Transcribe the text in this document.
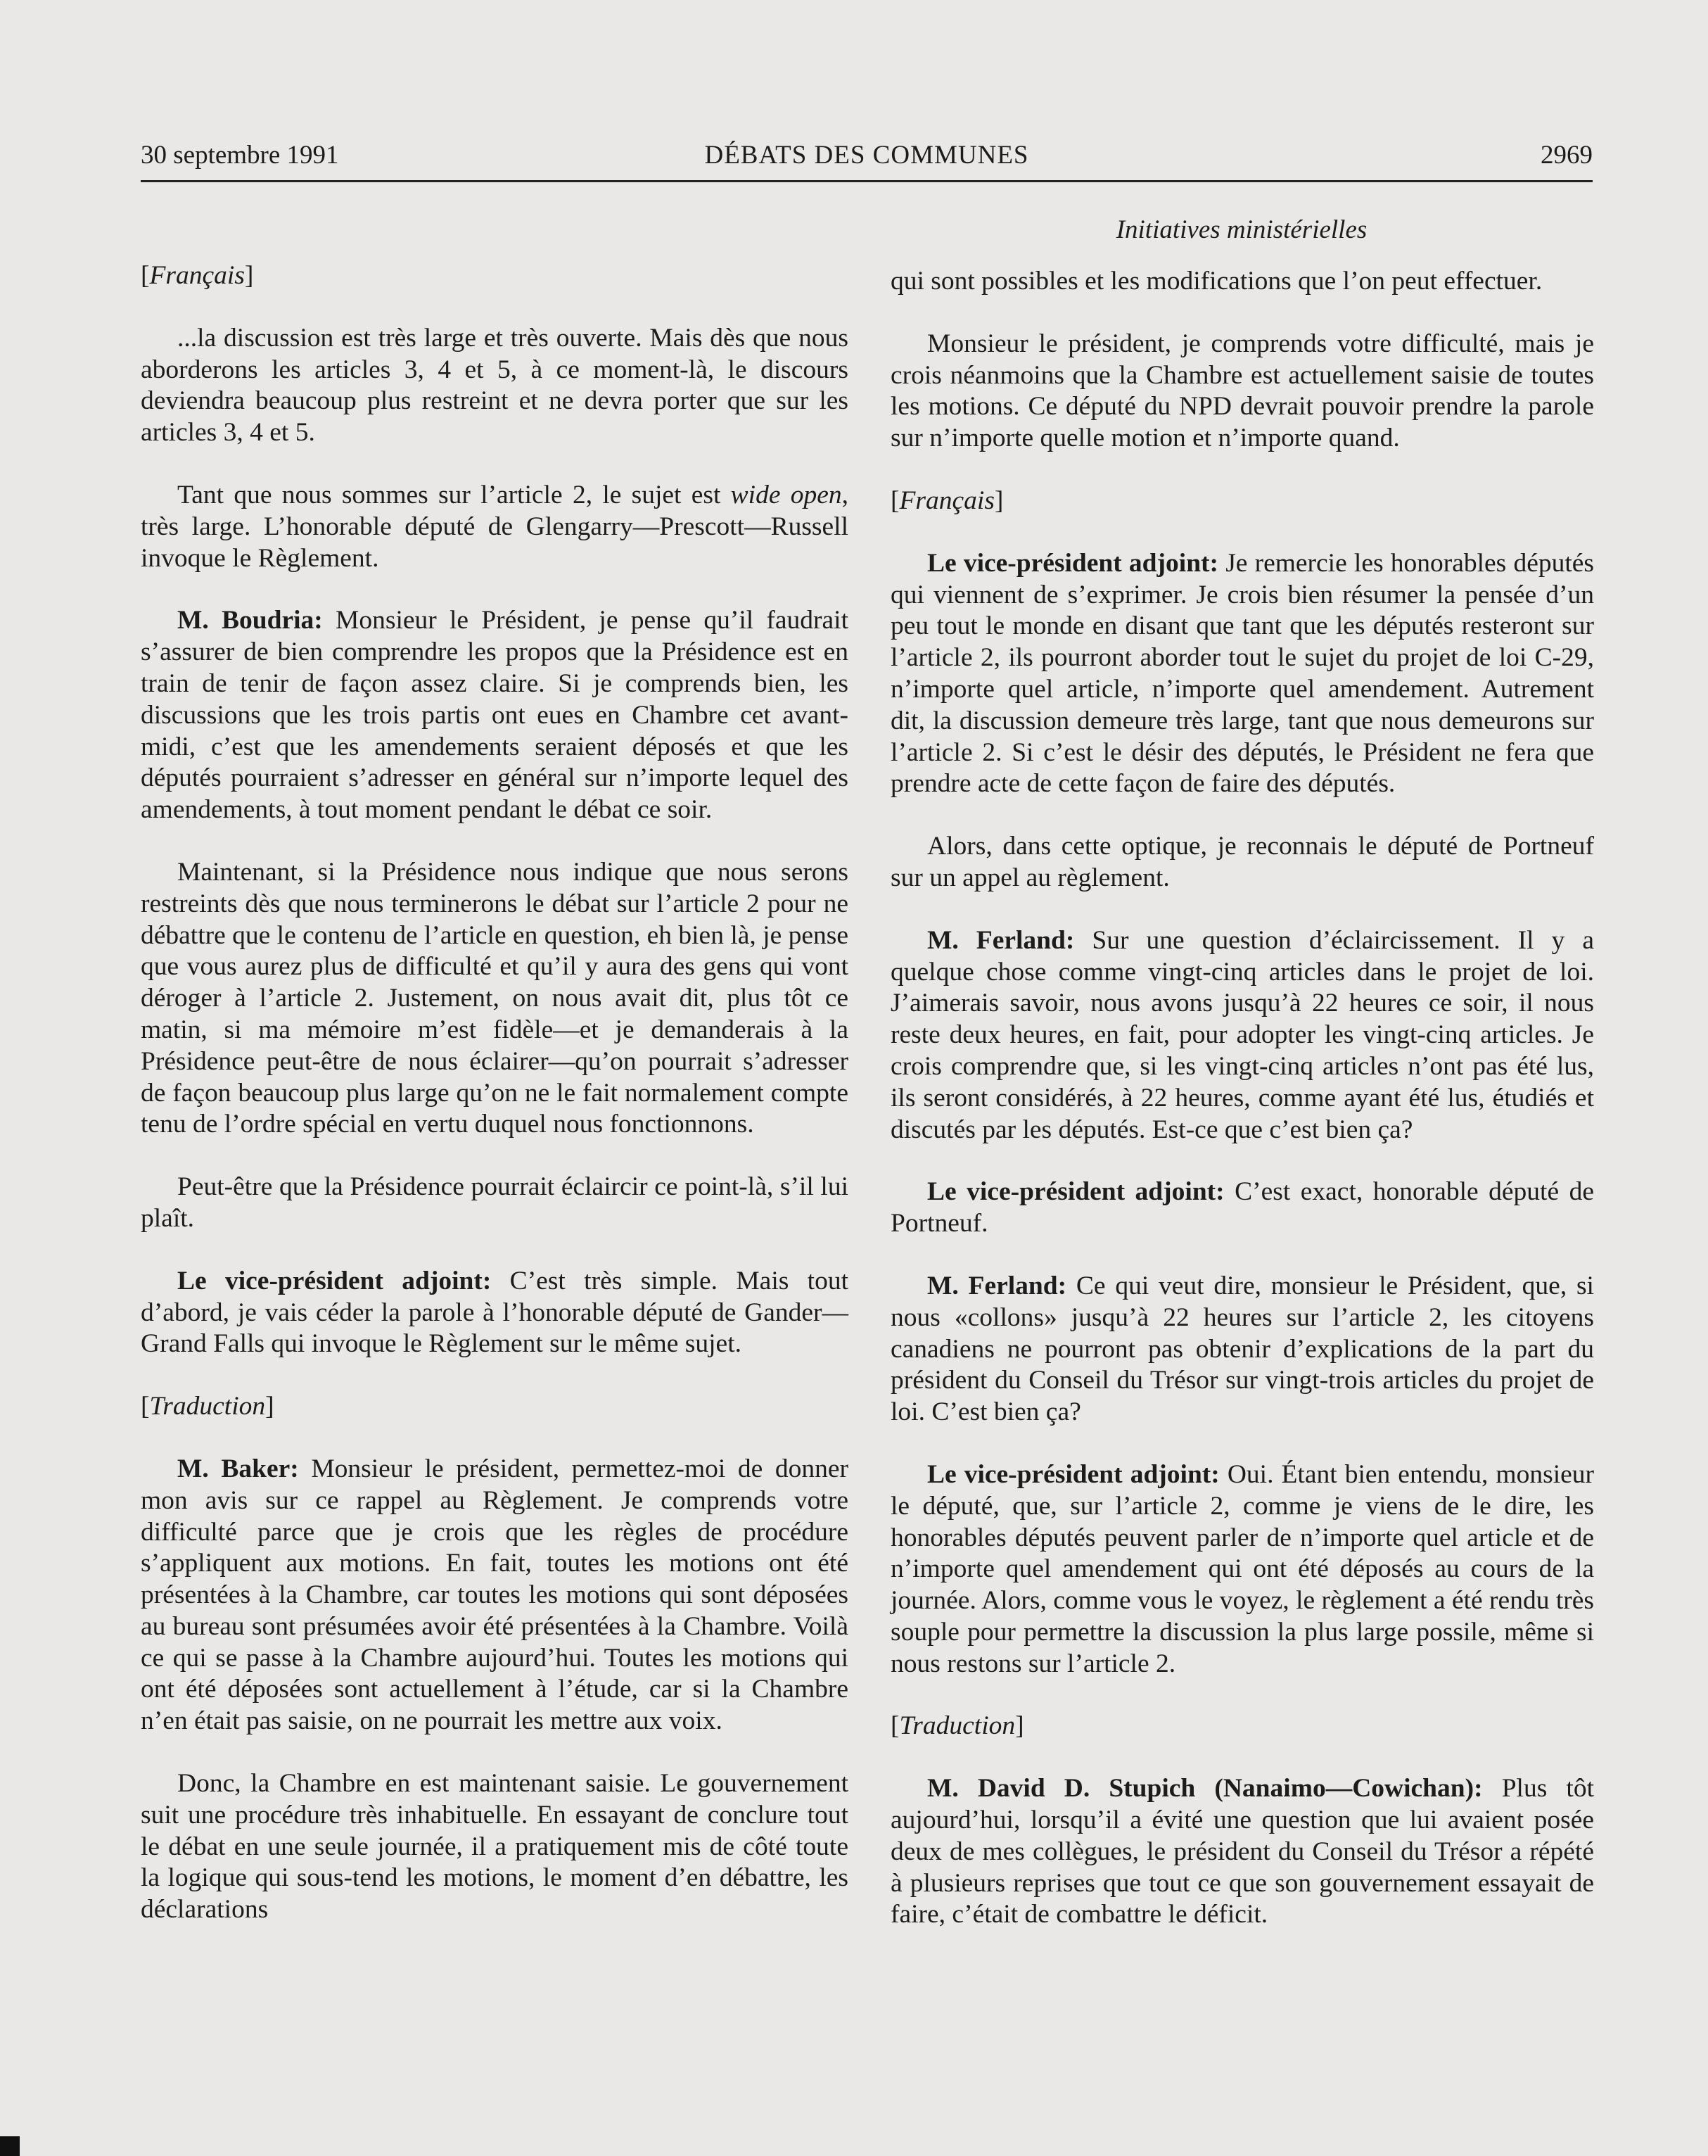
30 septembre 1991	DÉBATS DES COMMUNES	2969
Initiatives ministérielles

[Français]

...la discussion est très large et très ouverte. Mais dès que nous aborderons les articles 3, 4 et 5, à ce moment-là, le discours deviendra beaucoup plus restreint et ne devra porter que sur les articles 3, 4 et 5.

Tant que nous sommes sur l’article 2, le sujet est wide open, très large. L’honorable député de Glengarry—Prescott—Russell invoque le Règlement.

M. Boudria: Monsieur le Président, je pense qu’il faudrait s’assurer de bien comprendre les propos que la Présidence est en train de tenir de façon assez claire. Si je comprends bien, les discussions que les trois partis ont eues en Chambre cet avant-midi, c’est que les amendements seraient déposés et que les députés pourraient s’adresser en général sur n’importe lequel des amendements, à tout moment pendant le débat ce soir.

Maintenant, si la Présidence nous indique que nous serons restreints dès que nous terminerons le débat sur l’article 2 pour ne débattre que le contenu de l’article en question, eh bien là, je pense que vous aurez plus de difficulté et qu’il y aura des gens qui vont déroger à l’article 2. Justement, on nous avait dit, plus tôt ce matin, si ma mémoire m’est fidèle—et je demanderais à la Présidence peut-être de nous éclairer—qu’on pourrait s’adresser de façon beaucoup plus large qu’on ne le fait normalement compte tenu de l’ordre spécial en vertu duquel nous fonctionnons.

Peut-être que la Présidence pourrait éclaircir ce point-là, s’il lui plaît.

Le vice-président adjoint: C’est très simple. Mais tout d’abord, je vais céder la parole à l’honorable député de Gander—Grand Falls qui invoque le Règlement sur le même sujet.

[Traduction]

M. Baker: Monsieur le président, permettez-moi de donner mon avis sur ce rappel au Règlement. Je comprends votre difficulté parce que je crois que les règles de procédure s’appliquent aux motions. En fait, toutes les motions ont été présentées à la Chambre, car toutes les motions qui sont déposées au bureau sont présumées avoir été présentées à la Chambre. Voilà ce qui se passe à la Chambre aujourd’hui. Toutes les motions qui ont été déposées sont actuellement à l’étude, car si la Chambre n’en était pas saisie, on ne pourrait les mettre aux voix.

Donc, la Chambre en est maintenant saisie. Le gouvernement suit une procédure très inhabituelle. En essayant de conclure tout le débat en une seule journée, il a pratiquement mis de côté toute la logique qui sous-tend les motions, le moment d’en débattre, les déclarations

qui sont possibles et les modifications que l’on peut effectuer.

Monsieur le président, je comprends votre difficulté, mais je crois néanmoins que la Chambre est actuellement saisie de toutes les motions. Ce député du NPD devrait pouvoir prendre la parole sur n’importe quelle motion et n’importe quand.

[Français]

Le vice-président adjoint: Je remercie les honorables députés qui viennent de s’exprimer. Je crois bien résumer la pensée d’un peu tout le monde en disant que tant que les députés resteront sur l’article 2, ils pourront aborder tout le sujet du projet de loi C-29, n’importe quel article, n’importe quel amendement. Autrement dit, la discussion demeure très large, tant que nous demeurons sur l’article 2. Si c’est le désir des députés, le Président ne fera que prendre acte de cette façon de faire des députés.

Alors, dans cette optique, je reconnais le député de Portneuf sur un appel au règlement.

M. Ferland: Sur une question d’éclaircissement. Il y a quelque chose comme vingt-cinq articles dans le projet de loi. J’aimerais savoir, nous avons jusqu’à 22 heures ce soir, il nous reste deux heures, en fait, pour adopter les vingt-cinq articles. Je crois comprendre que, si les vingt-cinq articles n’ont pas été lus, ils seront considérés, à 22 heures, comme ayant été lus, étudiés et discutés par les députés. Est-ce que c’est bien ça?

Le vice-président adjoint: C’est exact, honorable député de Portneuf.

M. Ferland: Ce qui veut dire, monsieur le Président, que, si nous «collons» jusqu’à 22 heures sur l’article 2, les citoyens canadiens ne pourront pas obtenir d’explications de la part du président du Conseil du Trésor sur vingt-trois articles du projet de loi. C’est bien ça?

Le vice-président adjoint: Oui. Étant bien entendu, monsieur le député, que, sur l’article 2, comme je viens de le dire, les honorables députés peuvent parler de n’importe quel article et de n’importe quel amendement qui ont été déposés au cours de la journée. Alors, comme vous le voyez, le règlement a été rendu très souple pour permettre la discussion la plus large possile, même si nous restons sur l’article 2.

[Traduction]

M. David D. Stupich (Nanaimo—Cowichan): Plus tôt aujourd’hui, lorsqu’il a évité une question que lui avaient posée deux de mes collègues, le président du Conseil du Trésor a répété à plusieurs reprises que tout ce que son gouvernement essayait de faire, c’était de combattre le déficit.
